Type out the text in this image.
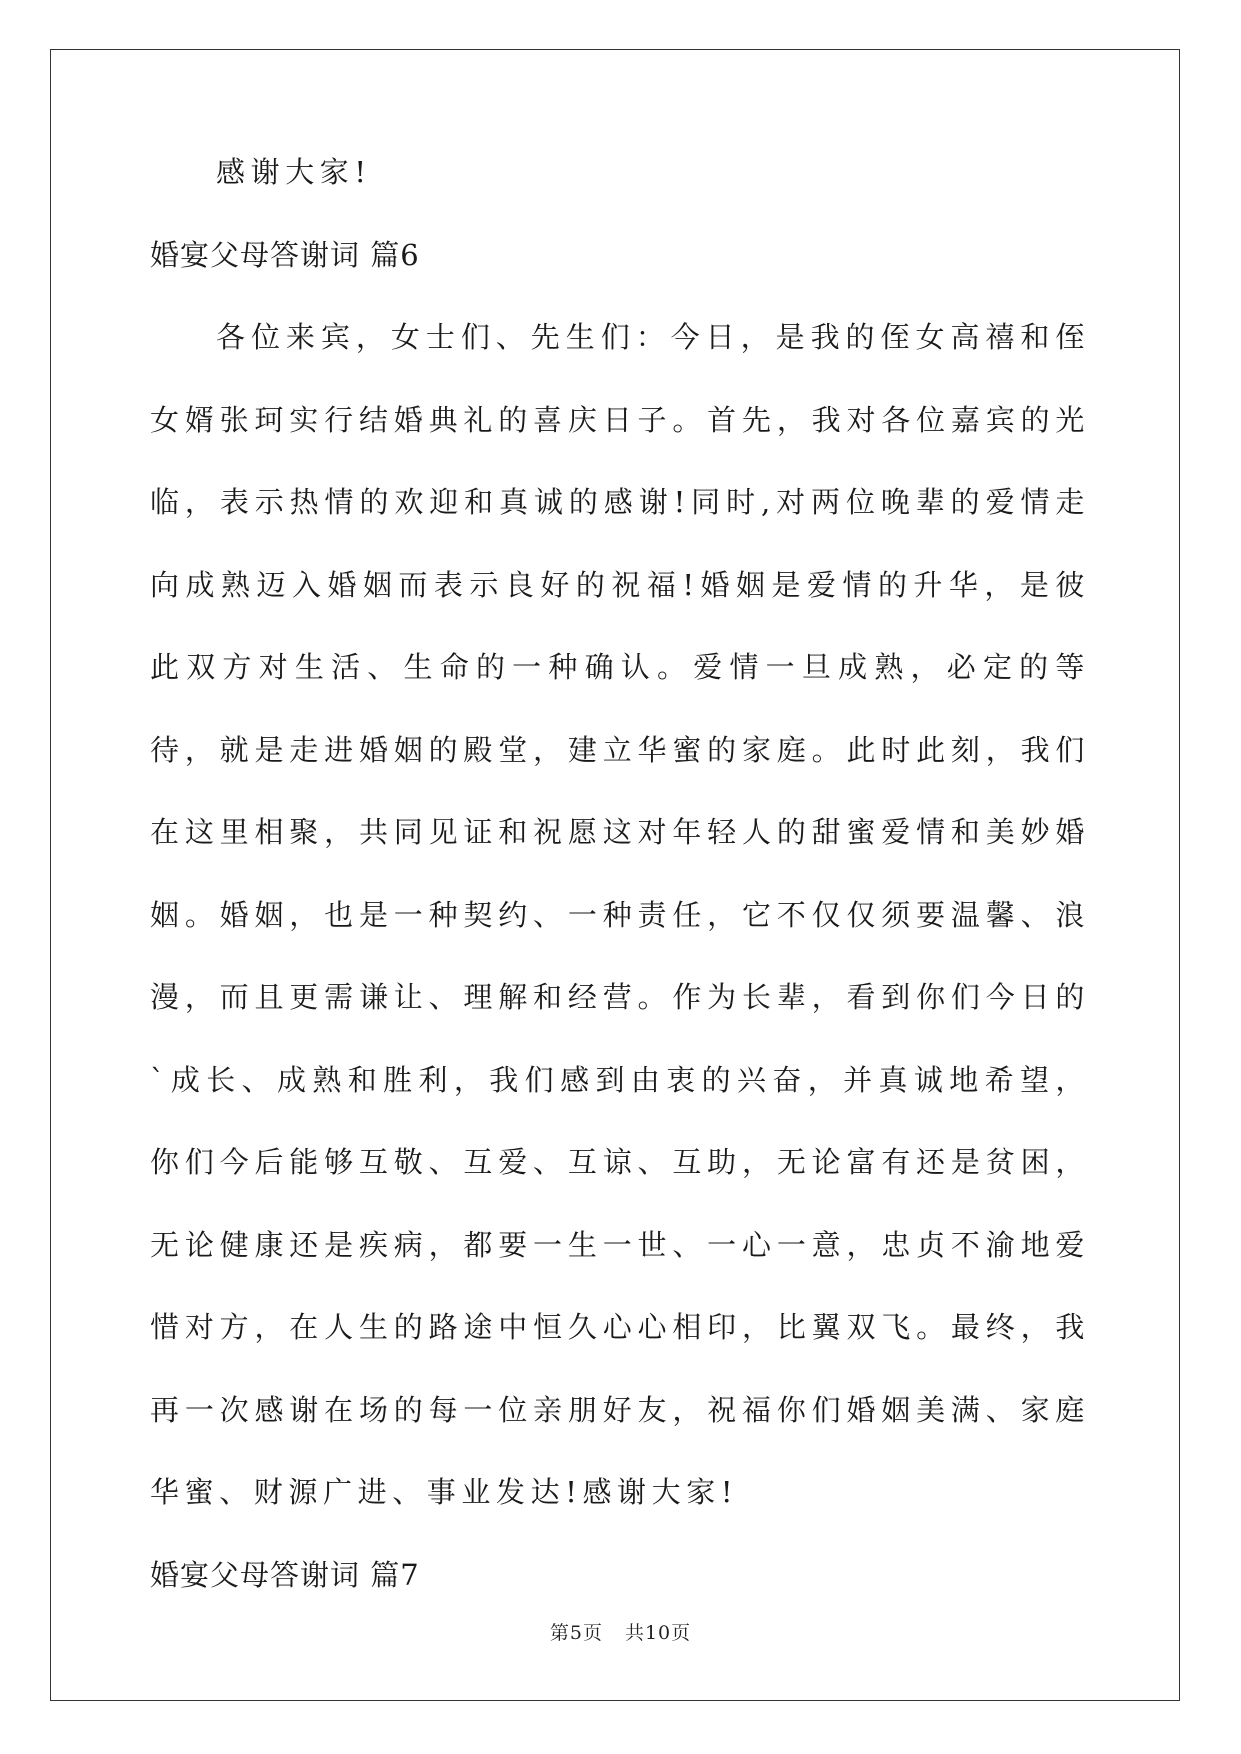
感谢大家!
婚宴父母答谢词 篇6
各位来宾，女士们、先生们：今日，是我的侄女高禧和侄女婿张珂实行结婚典礼的喜庆日子。首先，我对各位嘉宾的光临，表示热情的欢迎和真诚的感谢!同时,对两位晚辈的爱情走向成熟迈入婚姻而表示良好的祝福!婚姻是爱情的升华，是彼此双方对生活、生命的一种确认。爱情一旦成熟，必定的等待，就是走进婚姻的殿堂，建立华蜜的家庭。此时此刻，我们在这里相聚，共同见证和祝愿这对年轻人的甜蜜爱情和美妙婚姻。婚姻，也是一种契约、一种责任，它不仅仅须要温馨、浪漫，而且更需谦让、理解和经营。作为长辈，看到你们今日的`成长、成熟和胜利，我们感到由衷的兴奋，并真诚地希望，你们今后能够互敬、互爱、互谅、互助，无论富有还是贫困，无论健康还是疾病，都要一生一世、一心一意，忠贞不渝地爱惜对方，在人生的路途中恒久心心相印，比翼双飞。最终，我再一次感谢在场的每一位亲朋好友，祝福你们婚姻美满、家庭华蜜、财源广进、事业发达!感谢大家!
婚宴父母答谢词 篇7
第5页 共10页
